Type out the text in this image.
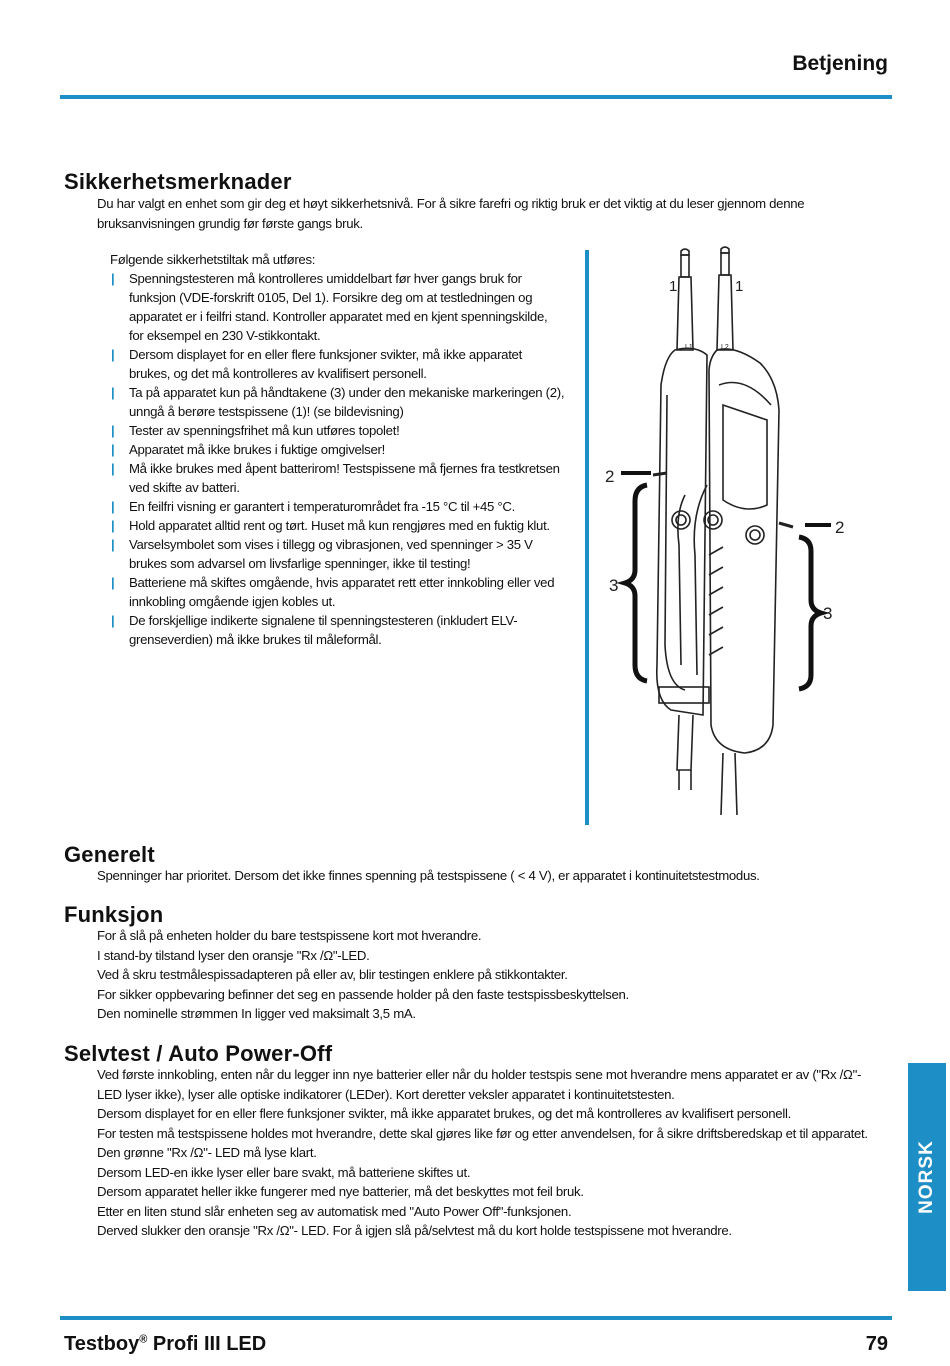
Betjening
Sikkerhetsmerknader
Du har valgt en enhet som gir deg et høyt sikkerhetsnivå. For å sikre farefri og riktig bruk er det viktig at du leser gjennom denne bruksanvisningen grundig før første gangs bruk.

Følgende sikkerhetstiltak må utføres:

| Spenningstesteren må kontrolleres umiddelbart før hver gangs bruk for funksjon (VDE-forskrift 0105, Del 1). Forsikre deg om at testledningen og apparatet er i feilfri stand. Kontroller apparatet med en kjent spenningskilde, for eksempel en 230 V-stikkontakt.
| Dersom displayet for en eller flere funksjoner svikter, må ikke apparatet brukes, og det må kontrolleres av kvalifisert personell.
| Ta på apparatet kun på håndtakene (3) under den mekaniske markeringen (2), unngå å berøre testspissene (1)! (se bildevisning)
| Tester av spenningsfrihet må kun utføres topolet!
| Apparatet må ikke brukes i fuktige omgivelser!
| Må ikke brukes med åpent batterirom! Testspissene må fjernes fra testkretsen ved skifte av batteri.
| En feilfri visning er garantert i temperaturområdet fra -15 °C til +45 °C.
| Hold apparatet alltid rent og tørt. Huset må kun rengjøres med en fuktig klut.
| Varselsymbolet som vises i tillegg og vibrasjonen, ved spenninger > 35 V brukes som advarsel om livsfarlige spenninger, ikke til testing!
| Batteriene må skiftes omgående, hvis apparatet rett etter innkobling eller ved innkobling omgående igjen kobles ut.
| De forskjellige indikerte signalene til spenningstesteren (inkludert ELV-grenseverdien) må ikke brukes til måleformål.
L1	L2
1	1
2
2
3
3
Generelt

Spenninger har prioritet. Dersom det ikke finnes spenning på testspissene ( < 4 V), er apparatet i kontinuitetstestmodus.

Funksjon

For å slå på enheten holder du bare testspissene kort mot hverandre.

I stand-by tilstand lyser den oransje "Rx /Ω"-LED.

Ved å skru testmålespissadapteren på eller av, blir testingen enklere på stikkontakter.

For sikker oppbevaring befinner det seg en passende holder på den faste testspissbeskyttelsen.

Den nominelle strømmen In ligger ved maksimalt 3,5 mA.

Selvtest / Auto Power-Off

Ved første innkobling, enten når du legger inn nye batterier eller når du holder testspis sene mot hverandre mens apparatet er av ("Rx /Ω"-LED lyser ikke), lyser alle optiske indikatorer (LEDer). Kort deretter veksler apparatet i kontinuitetstesten.

Dersom displayet for en eller flere funksjoner svikter, må ikke apparatet brukes, og det må kontrolleres av kvalifisert personell.

For testen må testspissene holdes mot hverandre, dette skal gjøres like før og etter anvendelsen, for å sikre driftsberedskap et til apparatet. Den grønne "Rx /Ω"- LED må lyse klart.

Dersom LED-en ikke lyser eller bare svakt, må batteriene skiftes ut.

Dersom apparatet heller ikke fungerer med nye batterier, må det beskyttes mot feil bruk.

Etter en liten stund slår enheten seg av automatisk med "Auto Power Off"-funksjonen.

Derved slukker den oransje "Rx /Ω"- LED. For å igjen slå på/selvtest må du kort holde testspissene mot hverandre.

NORSK
Testboy® Profi III LED	79
